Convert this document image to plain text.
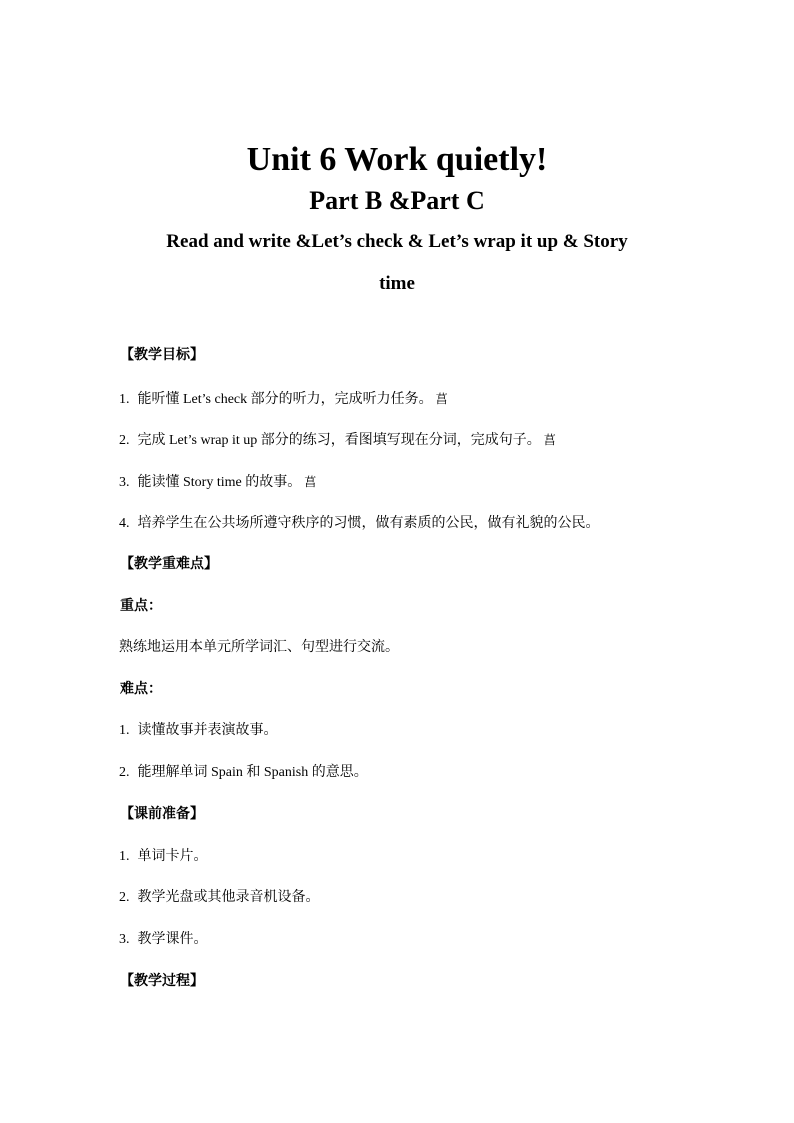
Unit 6 Work quietly!
Part B &Part C
Read and write &Let’s check & Let’s wrap it up & Story
time
【教学目标】
1. 能听懂 Let’s check 部分的听力，完成听力任务。 菖
2. 完成 Let’s wrap it up 部分的练习，看图填写现在分词，完成句子。 菖
3. 能读懂 Story time 的故事。 菖
4. 培养学生在公共场所遵守秩序的习惯，做有素质的公民，做有礼貌的公民。
【教学重难点】
重点：
熟练地运用本单元所学词汇、句型进行交流。
难点：
1. 读懂故事并表演故事。
2. 能理解单词 Spain 和 Spanish 的意思。
【课前准备】
1. 单词卡片。
2. 教学光盘或其他录音机设备。
3. 教学课件。
【教学过程】
